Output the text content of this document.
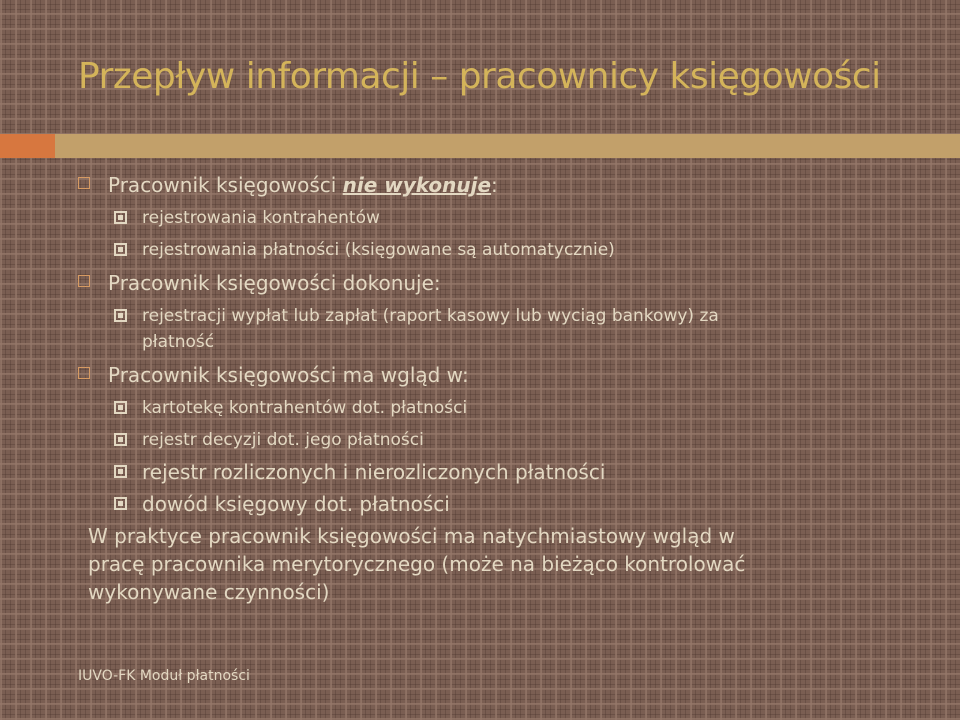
Przepływ informacji – pracownicy księgowości
Pracownik księgowości nie wykonuje:
rejestrowania kontrahentów
rejestrowania płatności (księgowane są automatycznie)
Pracownik księgowości dokonuje:
rejestracji wypłat lub zapłat (raport kasowy lub wyciąg bankowy) za
płatność
Pracownik księgowości ma wgląd w:
kartotekę kontrahentów dot. płatności
rejestr decyzji dot. jego płatności
rejestr rozliczonych i nierozliczonych płatności
dowód księgowy dot. płatności
W praktyce pracownik księgowości ma natychmiastowy wgląd w
pracę pracownika merytorycznego (może na bieżąco kontrolować
wykonywane czynności)
IUVO-FK Moduł płatności
